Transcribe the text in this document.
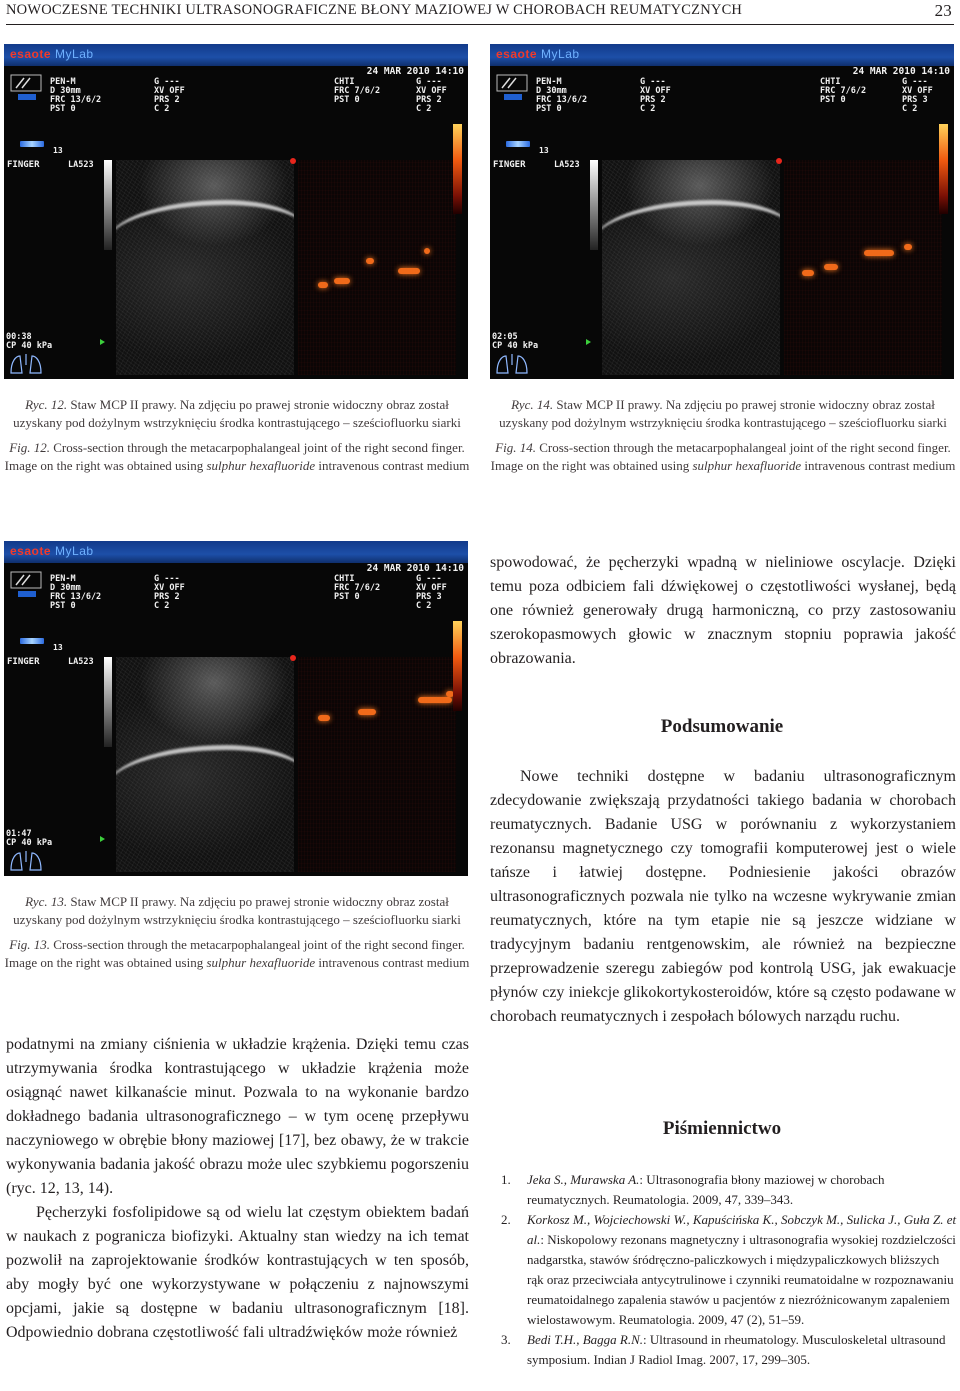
NOWOCZESNE TECHNIKI ULTRASONOGRAFICZNE BŁONY MAZIOWEJ W CHOROBACH REUMATYCZNYCH	23
esaote MyLab
24 MAR 2010 14:10
PEN-M
D 30mm
FRC 13/6/2
PST 0
G ---
XV OFF
PRS 2
C 2
CHTI
FRC 7/6/2
PST 0
G ---
XV OFF
PRS 2
C 2
13
FINGER	LA523
00:38
CP 40 kPa
esaote MyLab
24 MAR 2010 14:10
PEN-M
D 30mm
FRC 13/6/2
PST 0
G ---
XV OFF
PRS 2
C 2
CHTI
FRC 7/6/2
PST 0
G ---
XV OFF
PRS 3
C 2
13
FINGER	LA523
02:05
CP 40 kPa
esaote MyLab
24 MAR 2010 14:10
PEN-M
D 30mm
FRC 13/6/2
PST 0
G ---
XV OFF
PRS 2
C 2
CHTI
FRC 7/6/2
PST 0
G ---
XV OFF
PRS 3
C 2
13
FINGER	LA523
01:47
CP 40 kPa

Ryc. 12. Staw MCP II prawy. Na zdjęciu po prawej stronie widoczny obraz został uzyskany pod dożylnym wstrzyknięciu środka kontrastującego – sześciofluorku siarki

Fig. 12. Cross-section through the metacarpophalangeal joint of the right second finger. Image on the right was obtained using sulphur hexafluoride intravenous contrast medium

Ryc. 14. Staw MCP II prawy. Na zdjęciu po prawej stronie widoczny obraz został uzyskany pod dożylnym wstrzyknięciu środka kontrastującego – sześciofluorku siarki

Fig. 14. Cross-section through the metacarpophalangeal joint of the right second finger. Image on the right was obtained using sulphur hexafluoride intravenous contrast medium

Ryc. 13. Staw MCP II prawy. Na zdjęciu po prawej stronie widoczny obraz został uzyskany pod dożylnym wstrzyknięciu środka kontrastującego – sześciofluorku siarki

Fig. 13. Cross-section through the metacarpophalangeal joint of the right second finger. Image on the right was obtained using sulphur hexafluoride intravenous contrast medium

podatnymi na zmiany ciśnienia w układzie krążenia. Dzięki temu czas utrzymywania środka kontrastującego w układzie krążenia może osiągnąć nawet kilkanaście minut. Pozwala to na wykonanie bardzo dokładnego badania ultrasonograficznego – w tym ocenę przepływu naczyniowego w obrębie błony maziowej [17], bez obawy, że w trakcie wykonywania badania jakość obrazu może ulec szybkiemu pogorszeniu (ryc. 12, 13, 14).

Pęcherzyki fosfolipidowe są od wielu lat częstym obiektem badań w naukach z pogranicza biofizyki. Aktualny stan wiedzy na ich temat pozwolił na zaprojektowanie środków kontrastujących w ten sposób, aby mogły być one wykorzystywane w połączeniu z najnowszymi opcjami, jakie są dostępne w badaniu ultrasonograficznym [18]. Odpowiednio dobrana częstotliwość fali ultradźwięków może również

spowodować, że pęcherzyki wpadną w nieliniowe oscylacje. Dzięki temu poza odbiciem fali dźwiękowej o częstotliwości wysłanej, będą one również generowały drugą harmoniczną, co przy zastosowaniu szerokopasmowych głowic w znacznym stopniu poprawia jakość obrazowania.

Podsumowanie

Nowe techniki dostępne w badaniu ultrasonograficznym zdecydowanie zwiększają przydatności takiego badania w chorobach reumatycznych. Badanie USG w porównaniu z wykorzystaniem rezonansu magnetycznego czy tomografii komputerowej jest o wiele tańsze i łatwiej dostępne. Podniesienie jakości obrazów ultrasonograficznych pozwala nie tylko na wczesne wykrywanie zmian reumatycznych, które na tym etapie nie są jeszcze widziane w tradycyjnym badaniu rentgenowskim, ale również na bezpieczne przeprowadzenie szeregu zabiegów pod kontrolą USG, jak ewakuacje płynów czy iniekcje glikokortykosteroidów, które są często podawane w chorobach reumatycznych i zespołach bólowych narządu ruchu.

Piśmiennictwo
1. Jeka S., Murawska A.: Ultrasonografia błony maziowej w chorobach reumatycznych. Reumatologia. 2009, 47, 339–343.
2. Korkosz M., Wojciechowski W., Kapuścińska K., Sobczyk M., Sulicka J., Guła Z. et al.: Niskopolowy rezonans magnetyczny i ultrasonografia wysokiej rozdzielczości nadgarstka, stawów śródręczno-paliczkowych i międzypaliczkowych bliższych rąk oraz przeciwciała antycytrulinowe i czynniki reumatoidalne w rozpoznawaniu reumatoidalnego zapalenia stawów u pacjentów z niezróżnicowanym zapaleniem wielostawowym. Reumatologia. 2009, 47 (2), 51–59.
3. Bedi T.H., Bagga R.N.: Ultrasound in rheumatology. Musculoskeletal ultrasound symposium. Indian J Radiol Imag. 2007, 17, 299–305.
